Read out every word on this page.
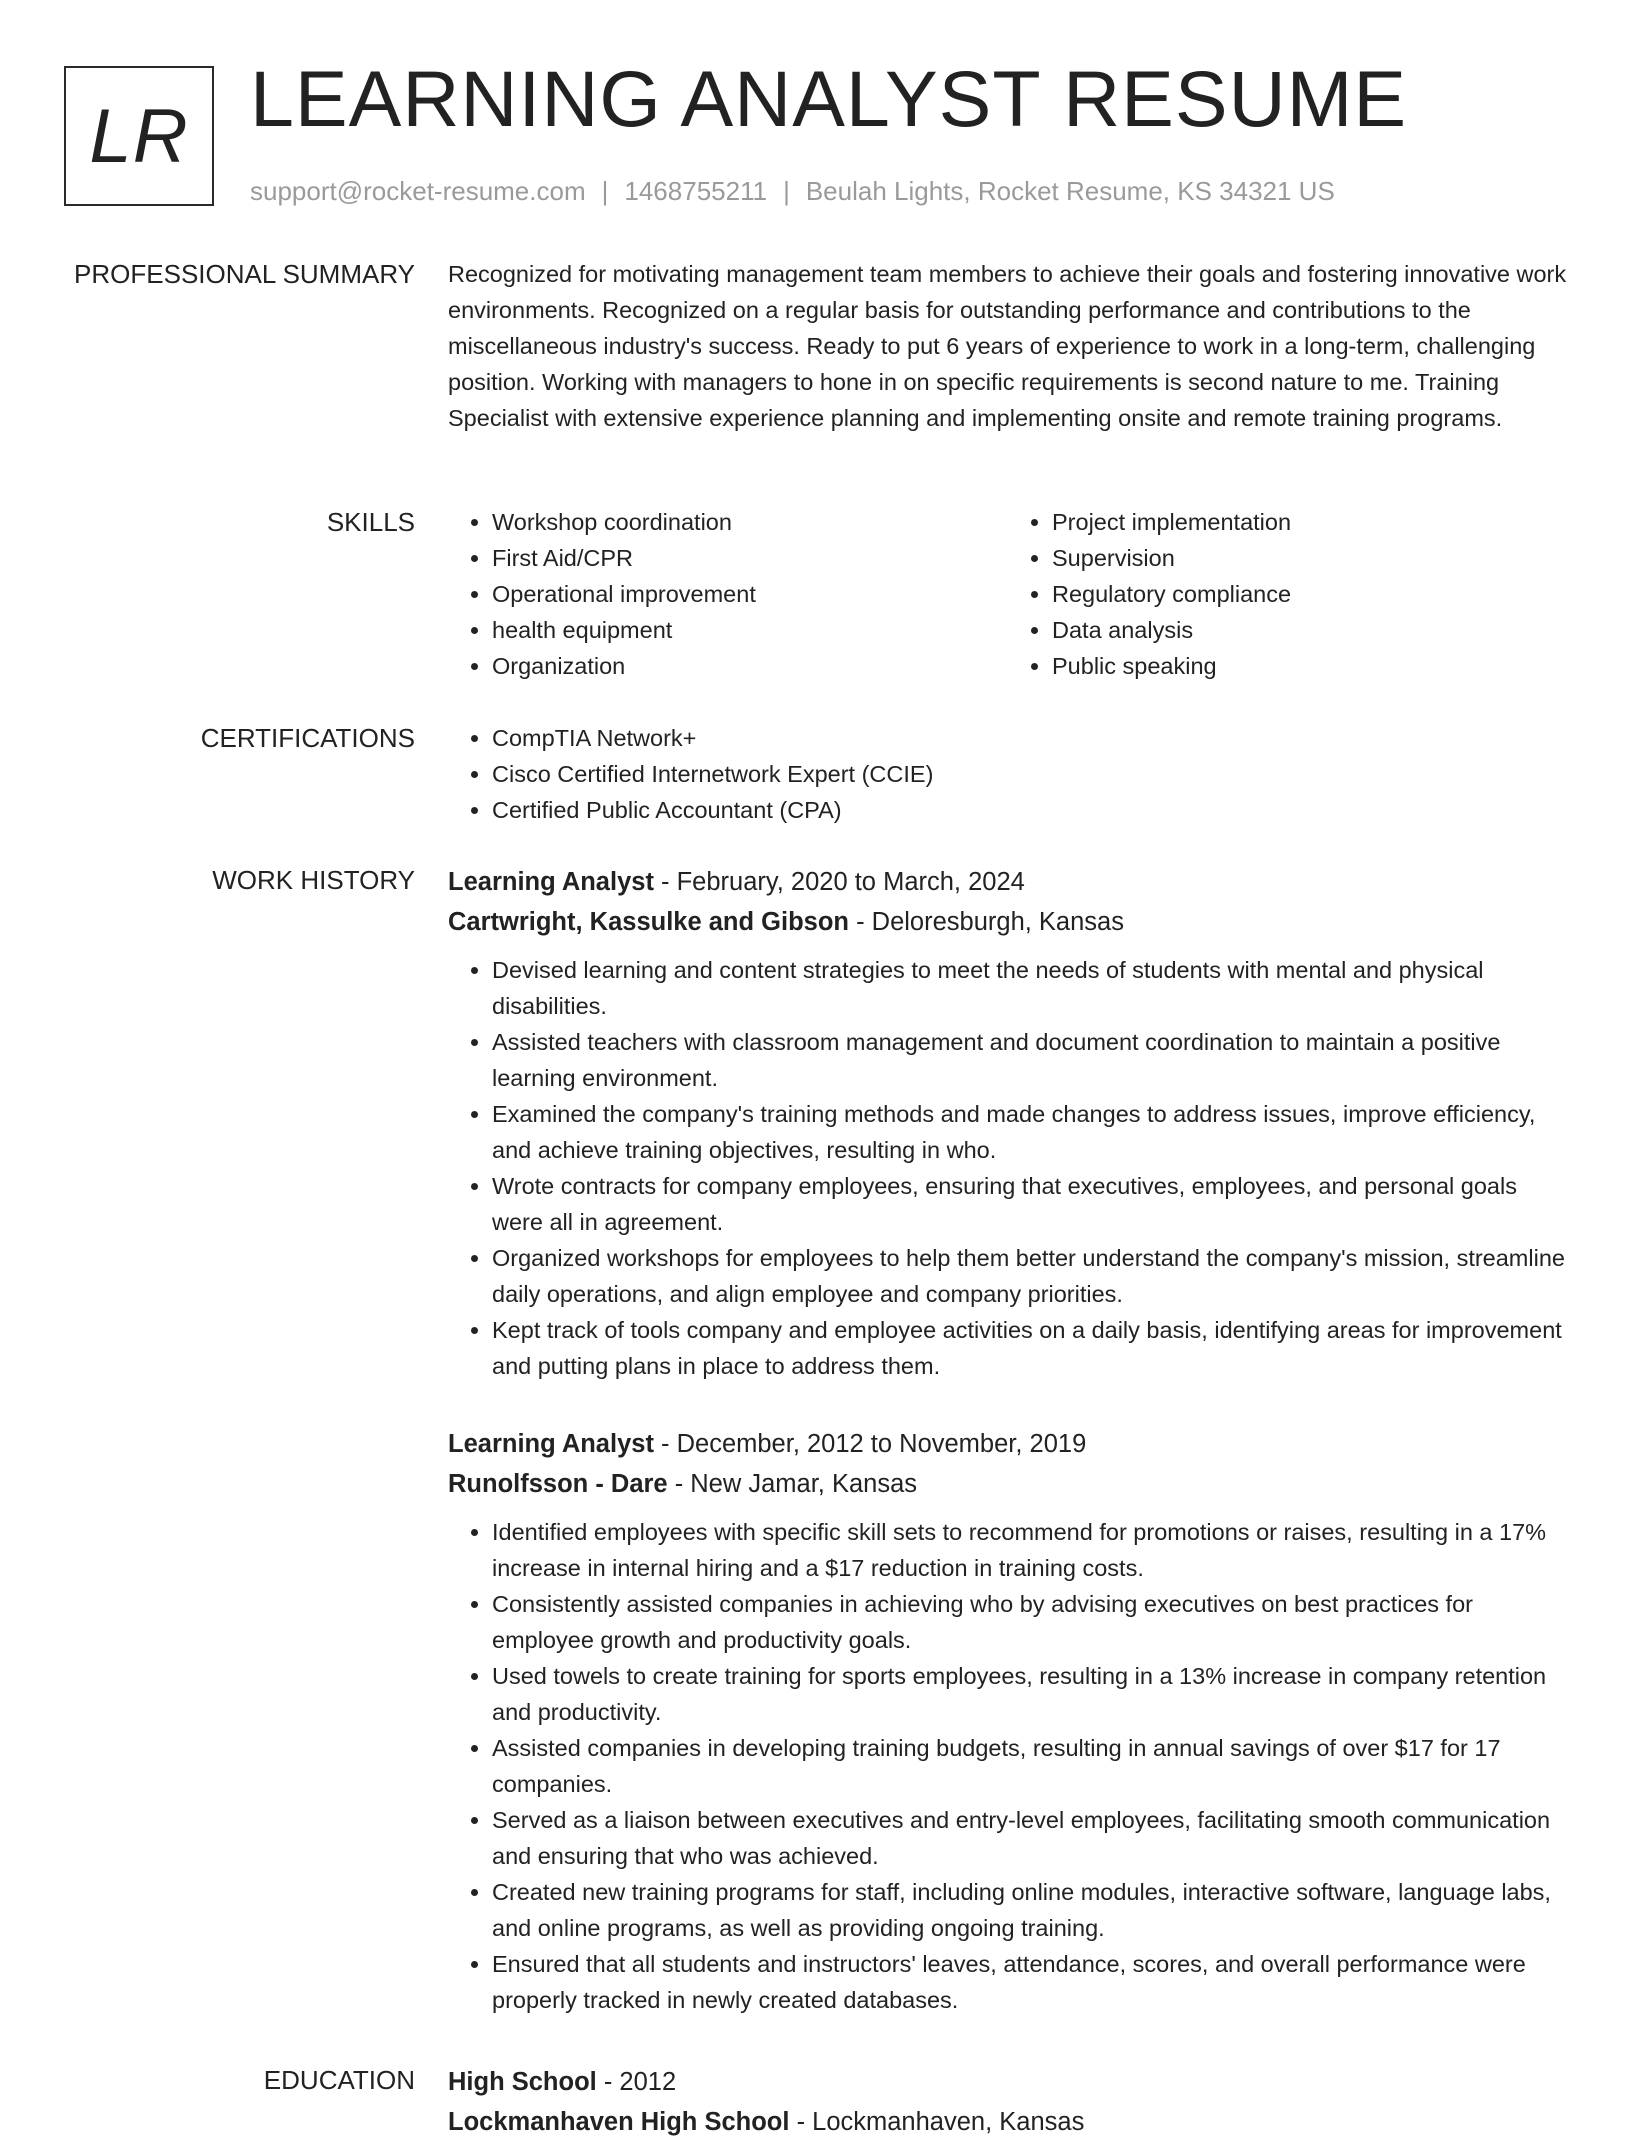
LR LEARNING ANALYST RESUME
support@rocket-resume.com | 1468755211 | Beulah Lights, Rocket Resume, KS 34321 US
PROFESSIONAL SUMMARY Recognized for motivating management team members to achieve their goals and fostering innovative work environments. Recognized on a regular basis for outstanding performance and contributions to the miscellaneous industry's success. Ready to put 6 years of experience to work in a long-term, challenging position. Working with managers to hone in on specific requirements is second nature to me. Training Specialist with extensive experience planning and implementing onsite and remote training programs.

SKILLS	• Workshop coordination
• First Aid/CPR
• Operational improvement
• health equipment
• Organization
• Project implementation
• Supervision
• Regulatory compliance
• Data analysis
• Public speaking
CERTIFICATIONS	• CompTIA Network+
• Cisco Certified Internetwork Expert (CCIE)
• Certified Public Accountant (CPA)
WORK HISTORY Learning Analyst - February, 2020 to March, 2024
Cartwright, Kassulke and Gibson - Deloresburgh, Kansas
• Devised learning and content strategies to meet the needs of students with mental and physical disabilities.
• Assisted teachers with classroom management and document coordination to maintain a positive learning environment.
• Examined the company's training methods and made changes to address issues, improve efficiency, and achieve training objectives, resulting in who.
• Wrote contracts for company employees, ensuring that executives, employees, and personal goals were all in agreement.
• Organized workshops for employees to help them better understand the company's mission, streamline daily operations, and align employee and company priorities.
• Kept track of tools company and employee activities on a daily basis, identifying areas for improvement and putting plans in place to address them.
Learning Analyst - December, 2012 to November, 2019
Runolfsson - Dare - New Jamar, Kansas
• Identified employees with specific skill sets to recommend for promotions or raises, resulting in a 17% increase in internal hiring and a $17 reduction in training costs.
• Consistently assisted companies in achieving who by advising executives on best practices for employee growth and productivity goals.
• Used towels to create training for sports employees, resulting in a 13% increase in company retention and productivity.
• Assisted companies in developing training budgets, resulting in annual savings of over $17 for 17 companies.
• Served as a liaison between executives and entry-level employees, facilitating smooth communication and ensuring that who was achieved.
• Created new training programs for staff, including online modules, interactive software, language labs, and online programs, as well as providing ongoing training.
• Ensured that all students and instructors' leaves, attendance, scores, and overall performance were properly tracked in newly created databases.
EDUCATION High School - 2012
Lockmanhaven High School - Lockmanhaven, Kansas
